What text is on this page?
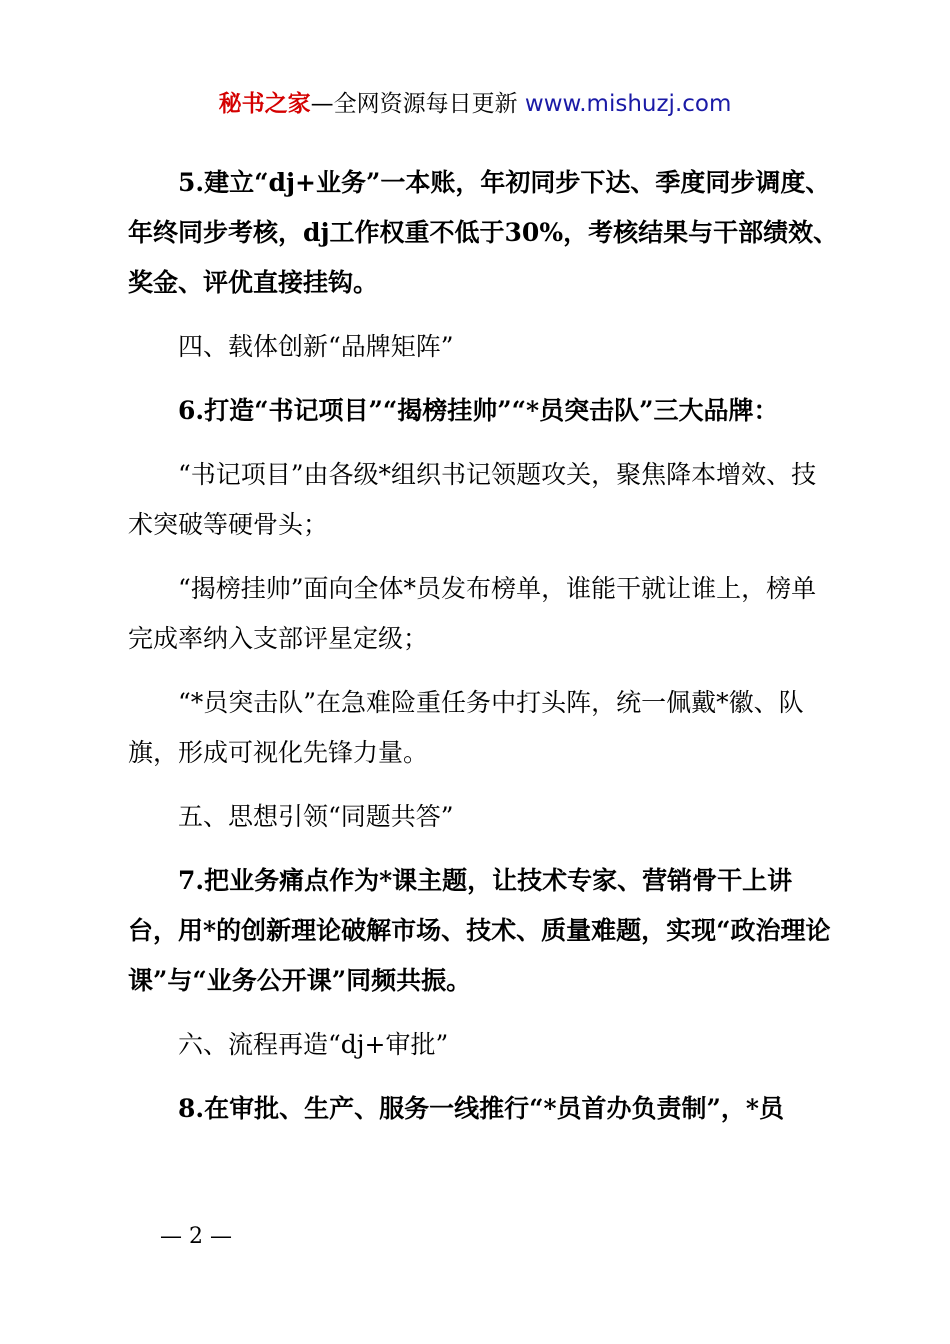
秘书之家—全网资源每日更新 www.mishuzj.com

5.建立“dj+业务”一本账，年初同步下达、季度同步调度、年终同步考核，dj工作权重不低于30%，考核结果与干部绩效、奖金、评优直接挂钩。

四、载体创新“品牌矩阵”

6.打造“书记项目”“揭榜挂帅”“*员突击队”三大品牌：

“书记项目”由各级*组织书记领题攻关，聚焦降本增效、技术突破等硬骨头；

“揭榜挂帅”面向全体*员发布榜单，谁能干就让谁上，榜单完成率纳入支部评星定级；

“*员突击队”在急难险重任务中打头阵，统一佩戴*徽、队旗，形成可视化先锋力量。

五、思想引领“同题共答”

7.把业务痛点作为*课主题，让技术专家、营销骨干上讲台，用*的创新理论破解市场、技术、质量难题，实现“政治理论课”与“业务公开课”同频共振。

六、流程再造“dj+审批”

8.在审批、生产、服务一线推行“*员首办负责制”，*员

— 2 —
